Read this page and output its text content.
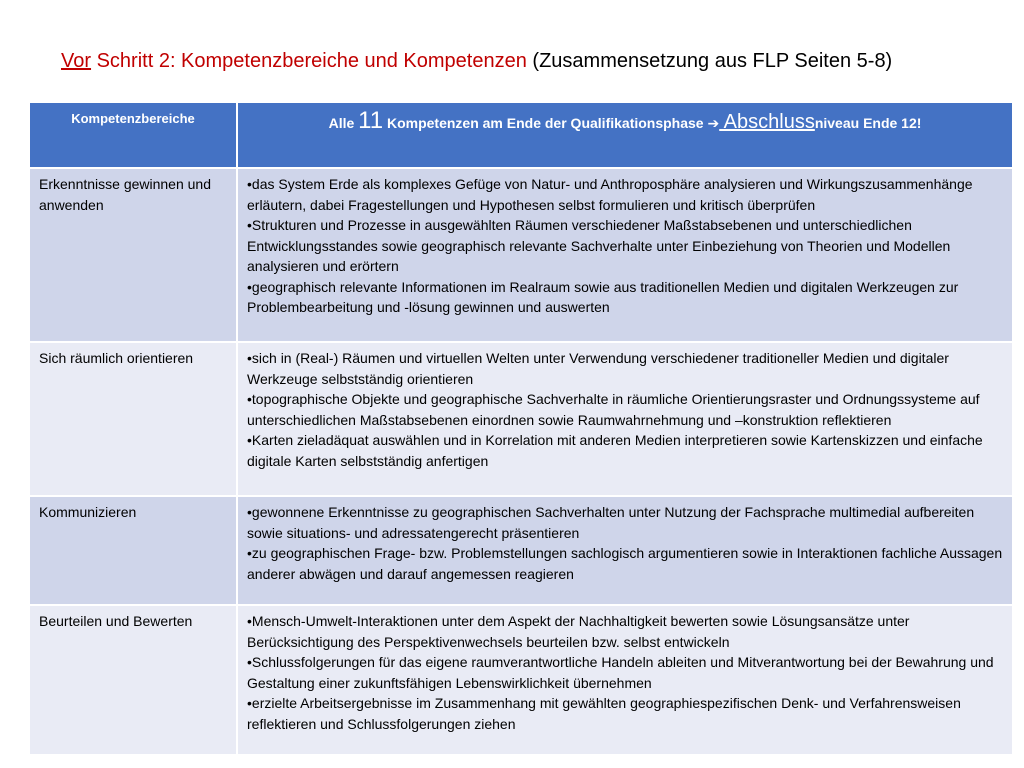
Vor Schritt 2: Kompetenzbereiche und Kompetenzen (Zusammensetzung aus FLP Seiten 5-8)
Kompetenzbereiche	Alle 11 Kompetenzen am Ende der Qualifikationsphase ➔ Abschlussniveau Ende 12!
Erkenntnisse gewinnen und anwenden	•das System Erde als komplexes Gefüge von Natur- und Anthroposphäre analysieren und Wirkungszusammenhänge erläutern, dabei Fragestellungen und Hypothesen selbst formulieren und kritisch überprüfen
•Strukturen und Prozesse in ausgewählten Räumen verschiedener Maßstabsebenen und unterschiedlichen Entwicklungsstandes sowie geographisch relevante Sachverhalte unter Einbeziehung von Theorien und Modellen analysieren und erörtern
•geographisch relevante Informationen im Realraum sowie aus traditionellen Medien und digitalen Werkzeugen zur Problembearbeitung und -lösung gewinnen und auswerten

Sich räumlich orientieren	•sich in (Real-) Räumen und virtuellen Welten unter Verwendung verschiedener traditioneller Medien und digitaler Werkzeuge selbstständig orientieren
•topographische Objekte und geographische Sachverhalte in räumliche Orientierungsraster und Ordnungssysteme auf unterschiedlichen Maßstabsebenen einordnen sowie Raumwahrnehmung und –konstruktion reflektieren
•Karten zieladäquat auswählen und in Korrelation mit anderen Medien interpretieren sowie Kartenskizzen und einfache digitale Karten selbstständig anfertigen

Kommunizieren	•gewonnene Erkenntnisse zu geographischen Sachverhalten unter Nutzung der Fachsprache multimedial aufbereiten sowie situations- und adressatengerecht präsentieren
•zu geographischen Frage- bzw. Problemstellungen sachlogisch argumentieren sowie in Interaktionen fachliche Aussagen anderer abwägen und darauf angemessen reagieren

Beurteilen und Bewerten	•Mensch-Umwelt-Interaktionen unter dem Aspekt der Nachhaltigkeit bewerten sowie Lösungsansätze unter Berücksichtigung des Perspektivenwechsels beurteilen bzw. selbst entwickeln
•Schlussfolgerungen für das eigene raumverantwortliche Handeln ableiten und Mitverantwortung bei der Bewahrung und Gestaltung einer zukunftsfähigen Lebenswirklichkeit übernehmen
•erzielte Arbeitsergebnisse im Zusammenhang mit gewählten geographiespezifischen Denk- und Verfahrensweisen reflektieren und Schlussfolgerungen ziehen
